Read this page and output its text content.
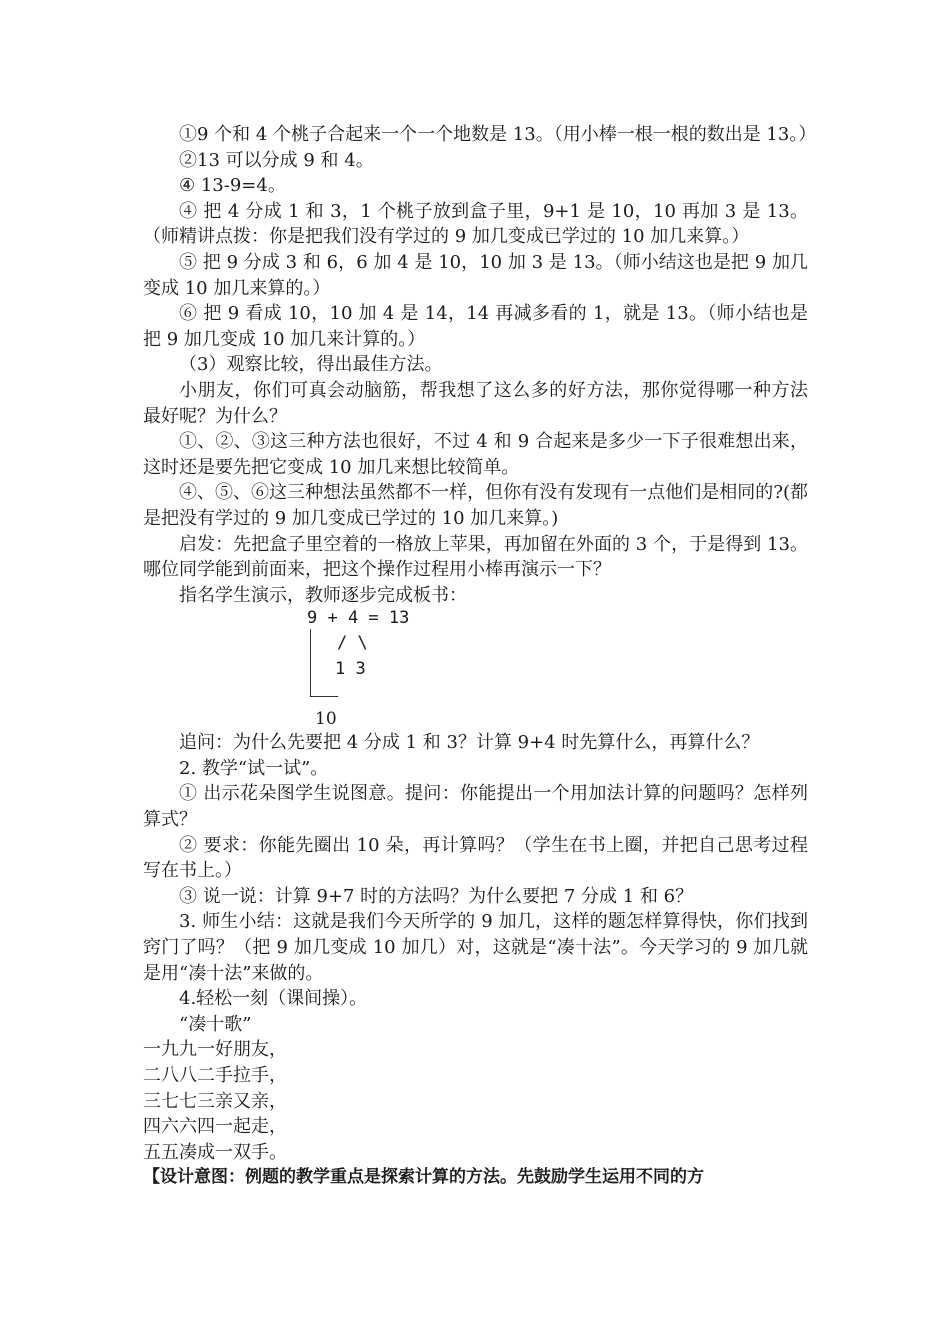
①9 个和 4 个桃子合起来一个一个地数是 13。（用小棒一根一根的数出是 13。）

②13 可以分成 9 和 4。

④ 13-9=4。

④ 把 4 分成 1 和 3，1 个桃子放到盒子里，9+1 是 10，10 再加 3 是 13。（师精讲点拨：你是把我们没有学过的 9 加几变成已学过的 10 加几来算。）

⑤ 把 9 分成 3 和 6，6 加 4 是 10，10 加 3 是 13。（师小结这也是把 9 加几变成 10 加几来算的。）

⑥ 把 9 看成 10，10 加 4 是 14，14 再减多看的 1，就是 13。（师小结也是把 9 加几变成 10 加几来计算的。）

（3）观察比较，得出最佳方法。

小朋友，你们可真会动脑筋，帮我想了这么多的好方法，那你觉得哪一种方法最好呢？为什么？

①、②、③这三种方法也很好，不过 4 和 9 合起来是多少一下子很难想出来，这时还是要先把它变成 10 加几来想比较简单。

④、⑤、⑥这三种想法虽然都不一样，但你有没有发现有一点他们是相同的?(都是把没有学过的 9 加几变成已学过的 10 加几来算。)

启发：先把盒子里空着的一格放上苹果，再加留在外面的 3 个，于是得到 13。哪位同学能到前面来，把这个操作过程用小棒再演示一下？

指名学生演示，教师逐步完成板书：

9 + 4 = 13
/ \
1 3
10

追问：为什么先要把 4 分成 1 和 3？计算 9+4 时先算什么，再算什么？

2. 教学“试一试”。

① 出示花朵图学生说图意。提问：你能提出一个用加法计算的问题吗？怎样列算式？

② 要求：你能先圈出 10 朵，再计算吗？（学生在书上圈，并把自己思考过程写在书上。）

③ 说一说：计算 9+7 时的方法吗？为什么要把 7 分成 1 和 6？

3. 师生小结：这就是我们今天所学的 9 加几，这样的题怎样算得快，你们找到窍门了吗？（把 9 加几变成 10 加几）对，这就是“凑十法”。今天学习的 9 加几就是用“凑十法”来做的。

4.轻松一刻（课间操）。

“凑十歌”

一九九一好朋友，

二八八二手拉手，

三七七三亲又亲，

四六六四一起走，

五五凑成一双手。

【设计意图：例题的教学重点是探索计算的方法。先鼓励学生运用不同的方
